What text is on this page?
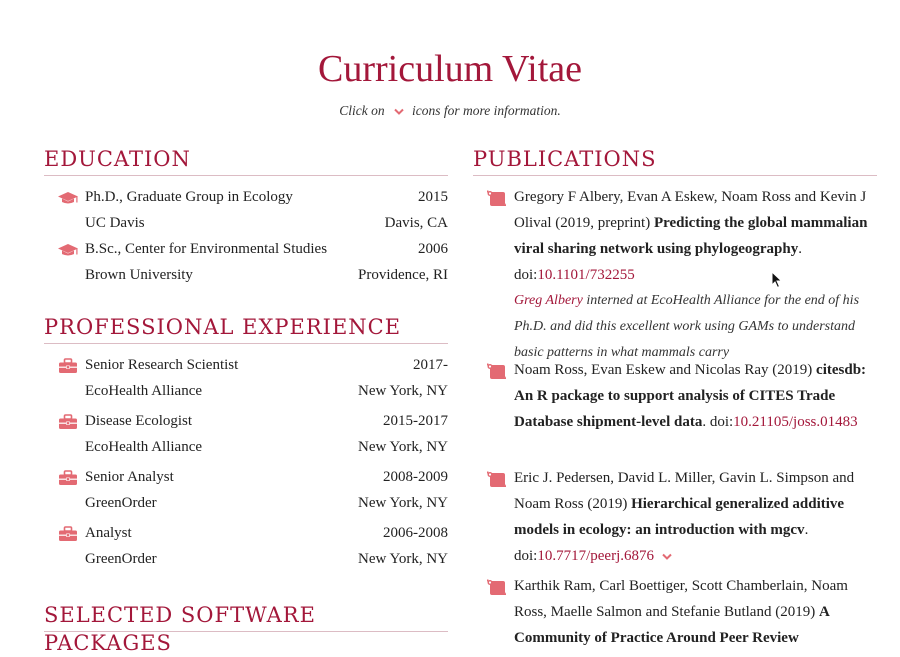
Curriculum Vitae
Click on icons for more information.
EDUCATION
Ph.D., Graduate Group in Ecology	2015
UC Davis	Davis, CA
B.Sc., Center for Environmental Studies	2006
Brown University	Providence, RI
PROFESSIONAL EXPERIENCE
Senior Research Scientist	2017-
EcoHealth Alliance	New York, NY
Disease Ecologist	2015-2017
EcoHealth Alliance	New York, NY
Senior Analyst	2008-2009
GreenOrder	New York, NY
Analyst	2006-2008
GreenOrder	New York, NY
SELECTED SOFTWARE PACKAGES
PUBLICATIONS
Gregory F Albery, Evan A Eskew, Noam Ross and Kevin J Olival (2019, preprint) Predicting the global mammalian viral sharing network using phylogeography. doi:10.1101/732255
Greg Albery interned at EcoHealth Alliance for the end of his Ph.D. and did this excellent work using GAMs to understand basic patterns in what mammals carry
Noam Ross, Evan Eskew and Nicolas Ray (2019) citesdb: An R package to support analysis of CITES Trade Database shipment-level data. doi:10.21105/joss.01483
Eric J. Pedersen, David L. Miller, Gavin L. Simpson and Noam Ross (2019) Hierarchical generalized additive models in ecology: an introduction with mgcv. doi:10.7717/peerj.6876
Karthik Ram, Carl Boettiger, Scott Chamberlain, Noam Ross, Maelle Salmon and Stefanie Butland (2019) A Community of Practice Around Peer Review
